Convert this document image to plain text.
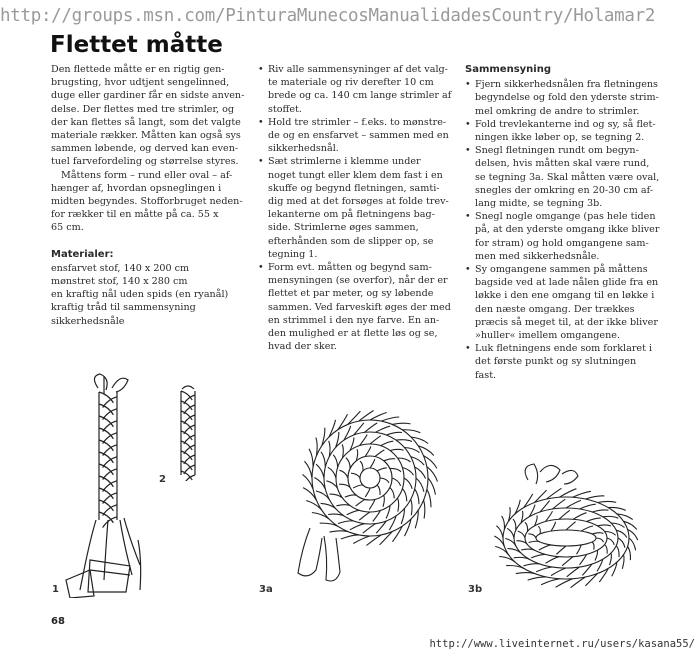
http://groups.msn.com/PinturaMunecosManualidadesCountry/Holamar2
Flettet måtte
Den flettede måtte er en rigtig gen-
brugsting, hvor udtjent sengelinned,
duge eller gardiner får en sidste anven-
delse. Der flettes med tre strimler, og
der kan flettes så langt, som det valgte
materiale rækker. Måtten kan også sys
sammen løbende, og derved kan even-
tuel farvefordeling og størrelse styres.
Måttens form – rund eller oval – af-
hænger af, hvordan opsneglingen i
midten begyndes. Stofforbruget neden-
for rækker til en måtte på ca. 55 x
65 cm.
Materialer:
ensfarvet stof, 140 x 200 cm
mønstret stof, 140 x 280 cm
en kraftig nål uden spids (en ryanål)
kraftig tråd til sammensyning
sikkerhedsnåle
• Riv alle sammensyninger af det valg-
te materiale og riv derefter 10 cm
brede og ca. 140 cm lange strimler af
stoffet.
• Hold tre strimler – f.eks. to mønstre-
de og en ensfarvet – sammen med en
sikkerhedsnål.
• Sæt strimlerne i klemme under
noget tungt eller klem dem fast i en
skuffe og begynd fletningen, samti-
dig med at det forsøges at folde trev-
lekanterne om på fletningens bag-
side. Strimlerne øges sammen,
efterhånden som de slipper op, se
tegning 1.
• Form evt. måtten og begynd sam-
mensyningen (se overfor), når der er
flettet et par meter, og sy løbende
sammen. Ved farveskift øges der med
en strimmel i den nye farve. En an-
den mulighed er at flette løs og se,
hvad der sker.
Sammensyning
• Fjern sikkerhedsnålen fra fletningens
begyndelse og fold den yderste strim-
mel omkring de andre to strimler.
• Fold trevlekanterne ind og sy, så flet-
ningen ikke løber op, se tegning 2.
• Snegl fletningen rundt om begyn-
delsen, hvis måtten skal være rund,
se tegning 3a. Skal måtten være oval,
snegles der omkring en 20-30 cm af-
lang midte, se tegning 3b.
• Snegl nogle omgange (pas hele tiden
på, at den yderste omgang ikke bliver
for stram) og hold omgangene sam-
men med sikkerhedsnåle.
• Sy omgangene sammen på måttens
bagside ved at lade nålen glide fra en
løkke i den ene omgang til en løkke i
den næste omgang. Der trækkes
præcis så meget til, at der ikke bliver
»huller« imellem omgangene.
• Luk fletningens ende som forklaret i
det første punkt og sy slutningen
fast.
1
2
3a	3b
68
http://www.liveinternet.ru/users/kasana55/
